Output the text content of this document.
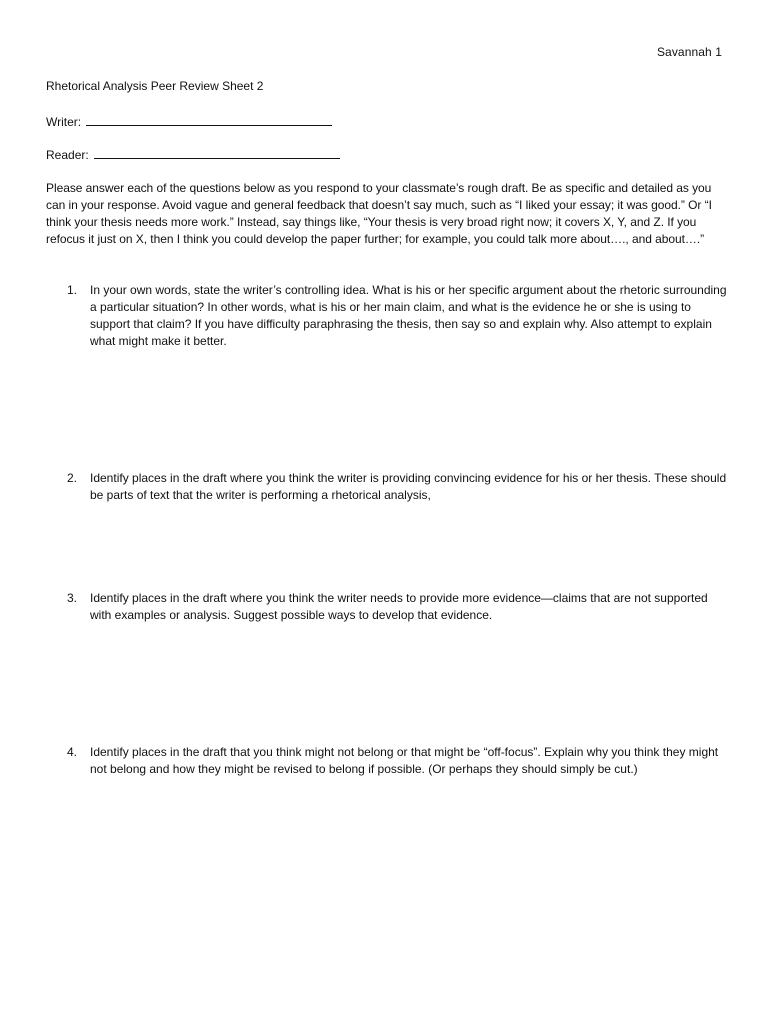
Savannah 1
Rhetorical Analysis Peer Review Sheet 2
Writer:
Reader:
Please answer each of the questions below as you respond to your classmate’s rough draft. Be as specific and detailed as you can in your response. Avoid vague and general feedback that doesn’t say much, such as “I liked your essay; it was good.” Or “I think your thesis needs more work.” Instead, say things like, “Your thesis is very broad right now; it covers X, Y, and Z. If you refocus it just on X, then I think you could develop the paper further; for example, you could talk more about…., and about….”
1.	In your own words, state the writer’s controlling idea. What is his or her specific argument about the rhetoric surrounding a particular situation? In other words, what is his or her main claim, and what is the evidence he or she is using to support that claim? If you have difficulty paraphrasing the thesis, then say so and explain why. Also attempt to explain what might make it better.
2.	Identify places in the draft where you think the writer is providing convincing evidence for his or her thesis. These should be parts of text that the writer is performing a rhetorical analysis,
3.	Identify places in the draft where you think the writer needs to provide more evidence—claims that are not supported with examples or analysis. Suggest possible ways to develop that evidence.
4.	Identify places in the draft that you think might not belong or that might be “off-focus”. Explain why you think they might not belong and how they might be revised to belong if possible. (Or perhaps they should simply be cut.)
